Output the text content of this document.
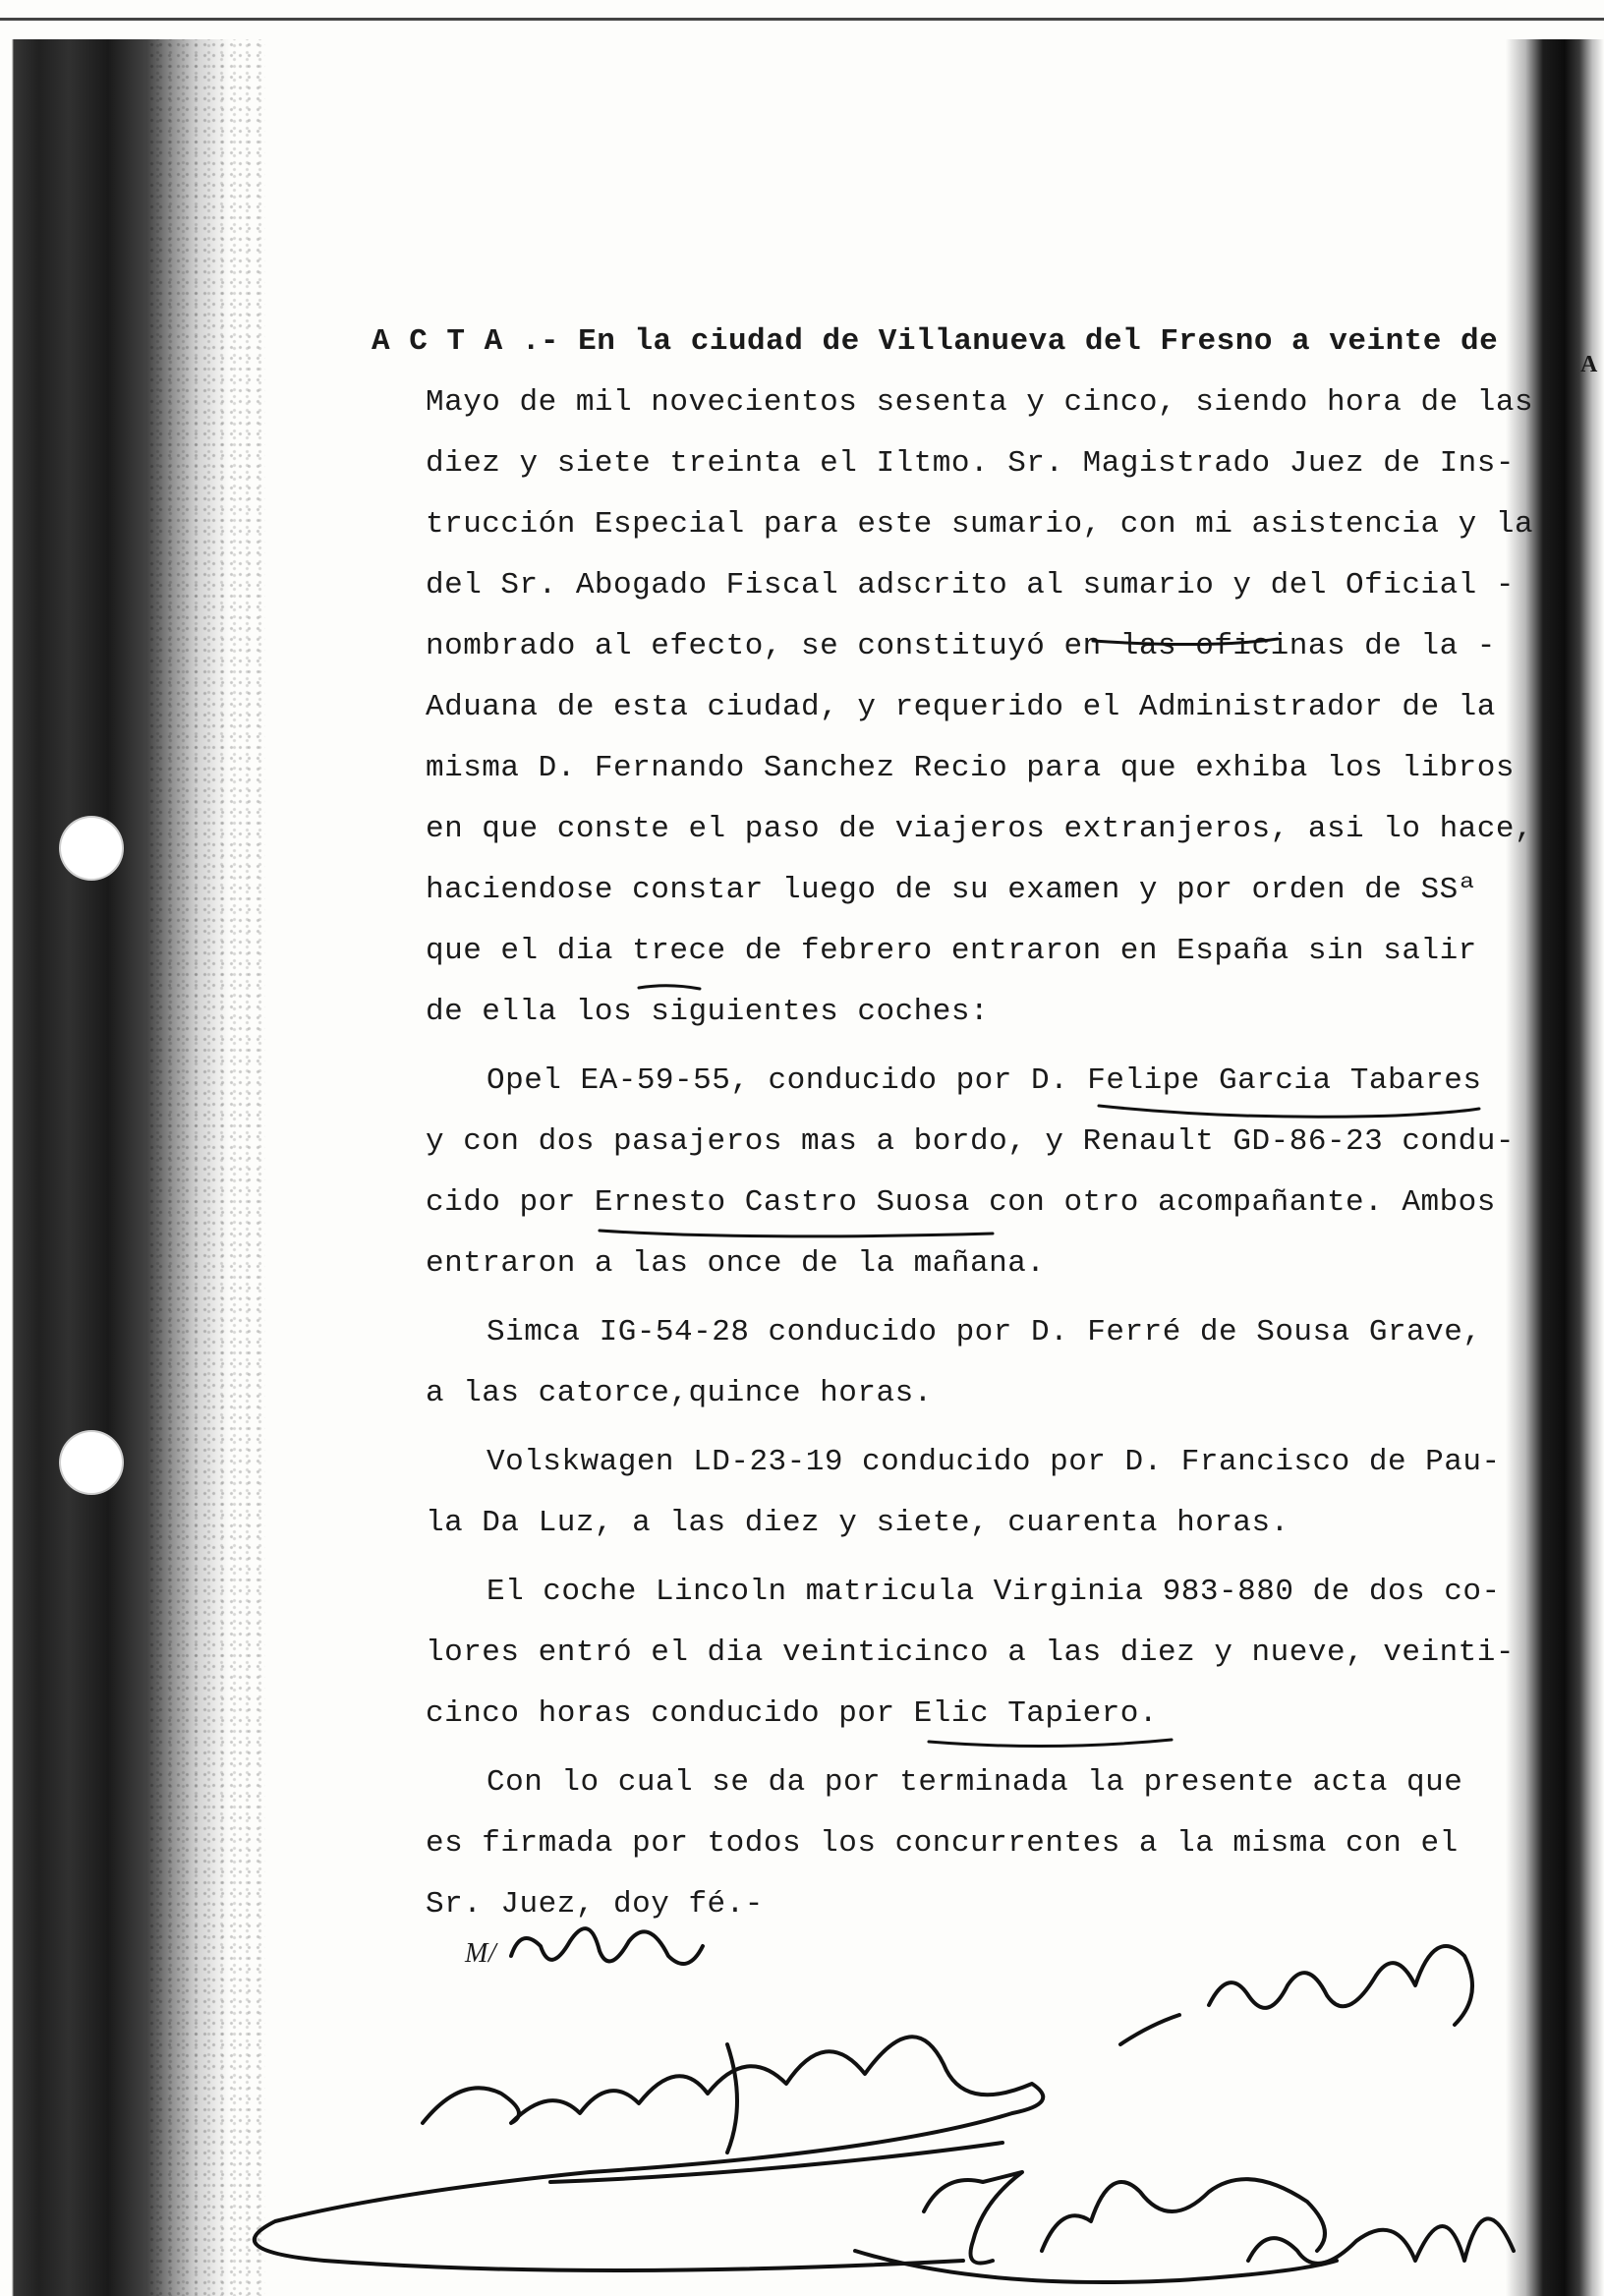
A
A C T A .- En la ciudad de Villanueva del Fresno a veinte de
Mayo de mil novecientos sesenta y cinco, siendo hora de las
diez y siete treinta el Iltmo. Sr. Magistrado Juez de Ins-
trucción Especial para este sumario, con mi asistencia y la
del Sr. Abogado Fiscal adscrito al sumario y del Oficial -
nombrado al efecto, se constituyó en las oficinas de la -
Aduana de esta ciudad, y requerido el Administrador de la
misma D. Fernando Sanchez Recio para que exhiba los libros
en que conste el paso de viajeros extranjeros, asi lo hace,
haciendose constar luego de su examen y por orden de SSª
que el dia trece de febrero entraron en España sin salir
de ella los siguientes coches:
Opel EA-59-55, conducido por D. Felipe Garcia Tabares
y con dos pasajeros mas a bordo, y Renault GD-86-23 condu-
cido por Ernesto Castro Suosa con otro acompañante. Ambos
entraron a las once de la mañana.
Simca IG-54-28 conducido por D. Ferré de Sousa Grave,
a las catorce,quince horas.
Volskwagen LD-23-19 conducido por D. Francisco de Pau-
la Da Luz, a las diez y siete, cuarenta horas.
El coche Lincoln matricula Virginia 983-880 de dos co-
lores entró el dia veinticinco a las diez y nueve, veinti-
cinco horas conducido por Elic Tapiero.
Con lo cual se da por terminada la presente acta que
es firmada por todos los concurrentes a la misma con el
Sr. Juez, doy fé.-
M/
